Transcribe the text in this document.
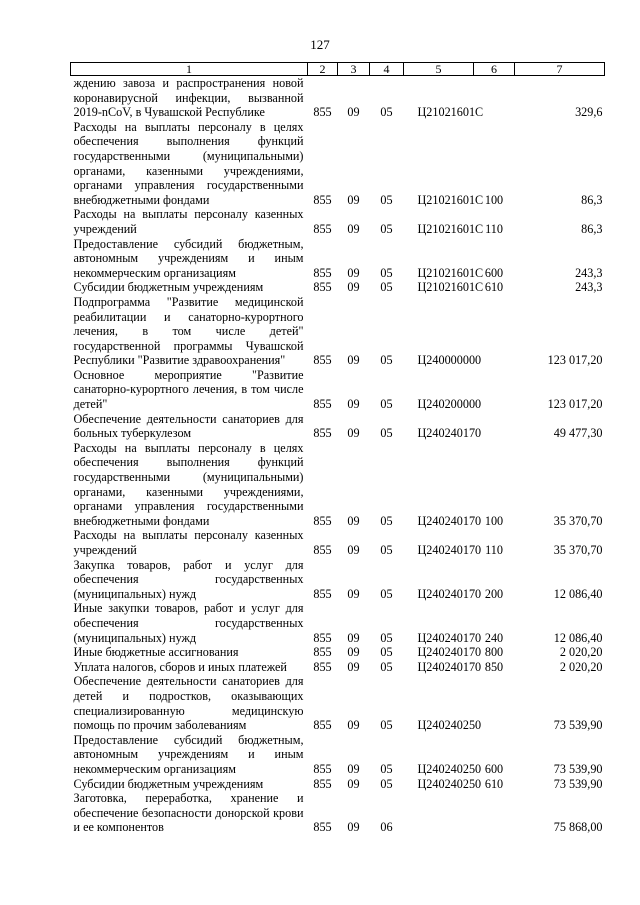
127
1	2	3	4	5	6	7
ждению завоза и распространения новой коронавирусной инфекции, вызванной 2019-nCoV, в Чувашской Республике	855	09	05	Ц21021601С		329,6
Расходы на выплаты персоналу в целях обеспечения выполнения функций государственными (муниципальными) органами, казенными учреждениями, органами управления государственными внебюджетными фондами	855	09	05	Ц21021601С	100	86,3
Расходы на выплаты персоналу казенных учреждений	855	09	05	Ц21021601С	110	86,3
Предоставление субсидий бюджетным, автономным учреждениям и иным некоммерческим организациям	855	09	05	Ц21021601С	600	243,3
Субсидии бюджетным учреждениям	855	09	05	Ц21021601С	610	243,3
Подпрограмма "Развитие медицинской реабилитации и санаторно-курортного лечения, в том числе детей" государственной программы Чувашской Республики "Развитие здравоохранения"	855	09	05	Ц240000000		123 017,20
Основное мероприятие "Развитие санаторно-курортного лечения, в том числе детей"	855	09	05	Ц240200000		123 017,20
Обеспечение деятельности санаториев для больных туберкулезом	855	09	05	Ц240240170		49 477,30
Расходы на выплаты персоналу в целях обеспечения выполнения функций государственными (муниципальными) органами, казенными учреждениями, органами управления государственными внебюджетными фондами	855	09	05	Ц240240170	100	35 370,70
Расходы на выплаты персоналу казенных учреждений	855	09	05	Ц240240170	110	35 370,70
Закупка товаров, работ и услуг для обеспечения государственных (муниципальных) нужд	855	09	05	Ц240240170	200	12 086,40
Иные закупки товаров, работ и услуг для обеспечения государственных (муниципальных) нужд	855	09	05	Ц240240170	240	12 086,40
Иные бюджетные ассигнования	855	09	05	Ц240240170	800	2 020,20
Уплата налогов, сборов и иных платежей	855	09	05	Ц240240170	850	2 020,20
Обеспечение деятельности санаториев для детей и подростков, оказывающих специализированную медицинскую помощь по прочим заболеваниям	855	09	05	Ц240240250		73 539,90
Предоставление субсидий бюджетным, автономным учреждениям и иным некоммерческим организациям	855	09	05	Ц240240250	600	73 539,90
Субсидии бюджетным учреждениям	855	09	05	Ц240240250	610	73 539,90
Заготовка, переработка, хранение и обеспечение безопасности донорской крови и ее компонентов	855	09	06			75 868,00
